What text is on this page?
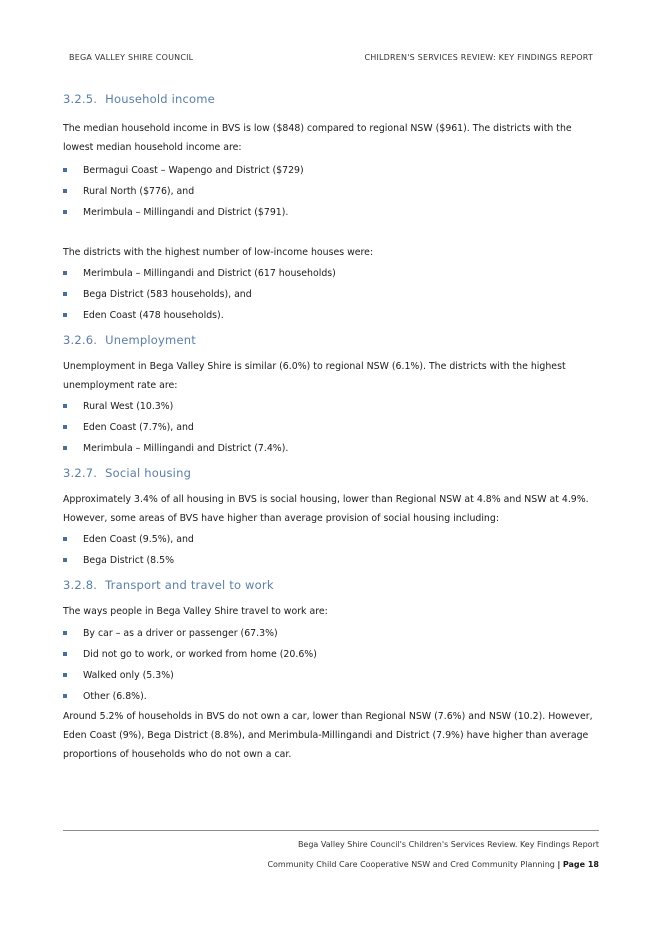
BEGA VALLEY SHIRE COUNCIL	CHILDREN'S SERVICES REVIEW: KEY FINDINGS REPORT
3.2.5. Household income

The median household income in BVS is low ($848) compared to regional NSW ($961). The districts with the lowest median household income are:

Bermagui Coast – Wapengo and District ($729)
Rural North ($776), and
Merimbula – Millingandi and District ($791).

The districts with the highest number of low-income houses were:

Merimbula – Millingandi and District (617 households)
Bega District (583 households), and
Eden Coast (478 households).
3.2.6. Unemployment

Unemployment in Bega Valley Shire is similar (6.0%) to regional NSW (6.1%). The districts with the highest unemployment rate are:

Rural West (10.3%)
Eden Coast (7.7%), and
Merimbula – Millingandi and District (7.4%).
3.2.7. Social housing

Approximately 3.4% of all housing in BVS is social housing, lower than Regional NSW at 4.8% and NSW at 4.9%. However, some areas of BVS have higher than average provision of social housing including:

Eden Coast (9.5%), and
Bega District (8.5%
3.2.8. Transport and travel to work

The ways people in Bega Valley Shire travel to work are:

By car – as a driver or passenger (67.3%)
Did not go to work, or worked from home (20.6%)
Walked only (5.3%)
Other (6.8%).

Around 5.2% of households in BVS do not own a car, lower than Regional NSW (7.6%) and NSW (10.2). However, Eden Coast (9%), Bega District (8.8%), and Merimbula-Millingandi and District (7.9%) have higher than average proportions of households who do not own a car.

Bega Valley Shire Council's Children's Services Review. Key Findings Report
Community Child Care Cooperative NSW and Cred Community Planning | Page 18
